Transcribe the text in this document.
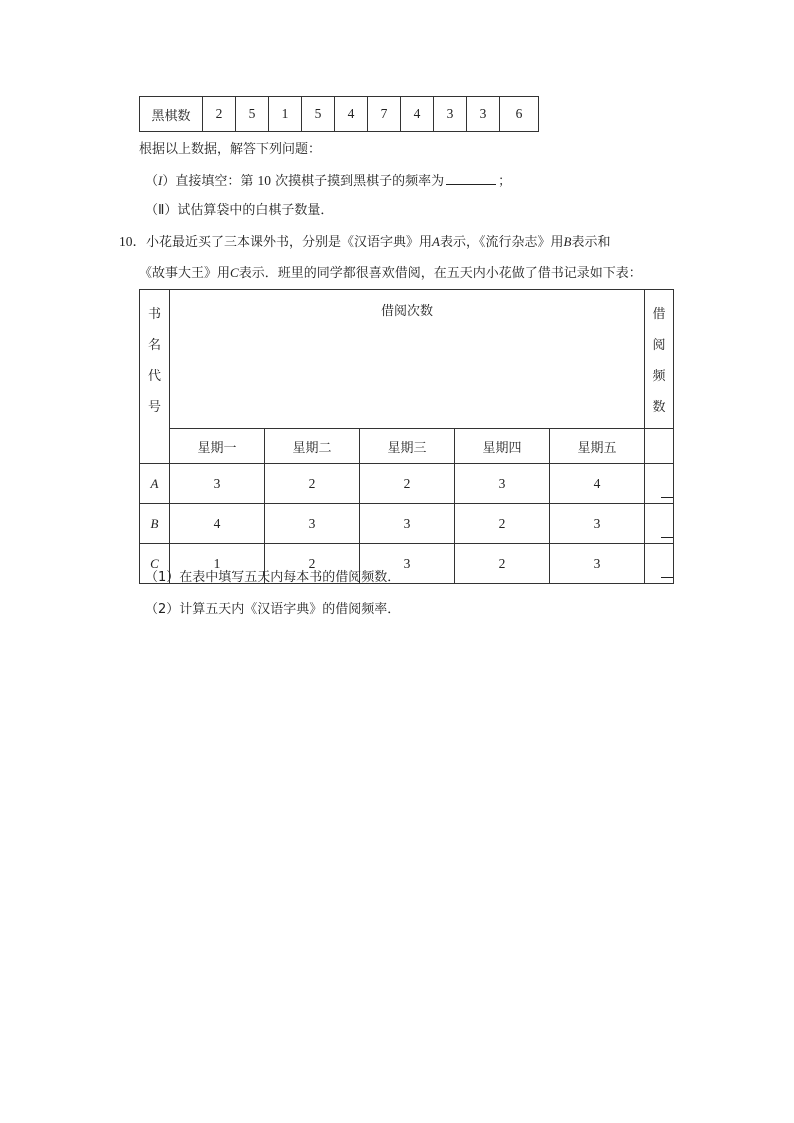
黑棋数	2	5	1	5	4	7	4	3	3	6
根据以上数据，解答下列问题：
（I）直接填空：第 10 次摸棋子摸到黑棋子的频率为	；
（Ⅱ）试估算袋中的白棋子数量．
10．小花最近买了三本课外书，分别是《汉语字典》用A表示，《流行杂志》用B表示和
《故事大王》用C表示．班里的同学都很喜欢借阅，在五天内小花做了借书记录如下表：
书
名
代
号	借阅次数					借
阅
频
数

	星期一	星期二	星期三	星期四	星期五	
A	3	2	2	3	4	
B	4	3	3	2	3	
C	1	2	3	2	3	
（1）在表中填写五天内每本书的借阅频数．
（2）计算五天内《汉语字典》的借阅频率．
